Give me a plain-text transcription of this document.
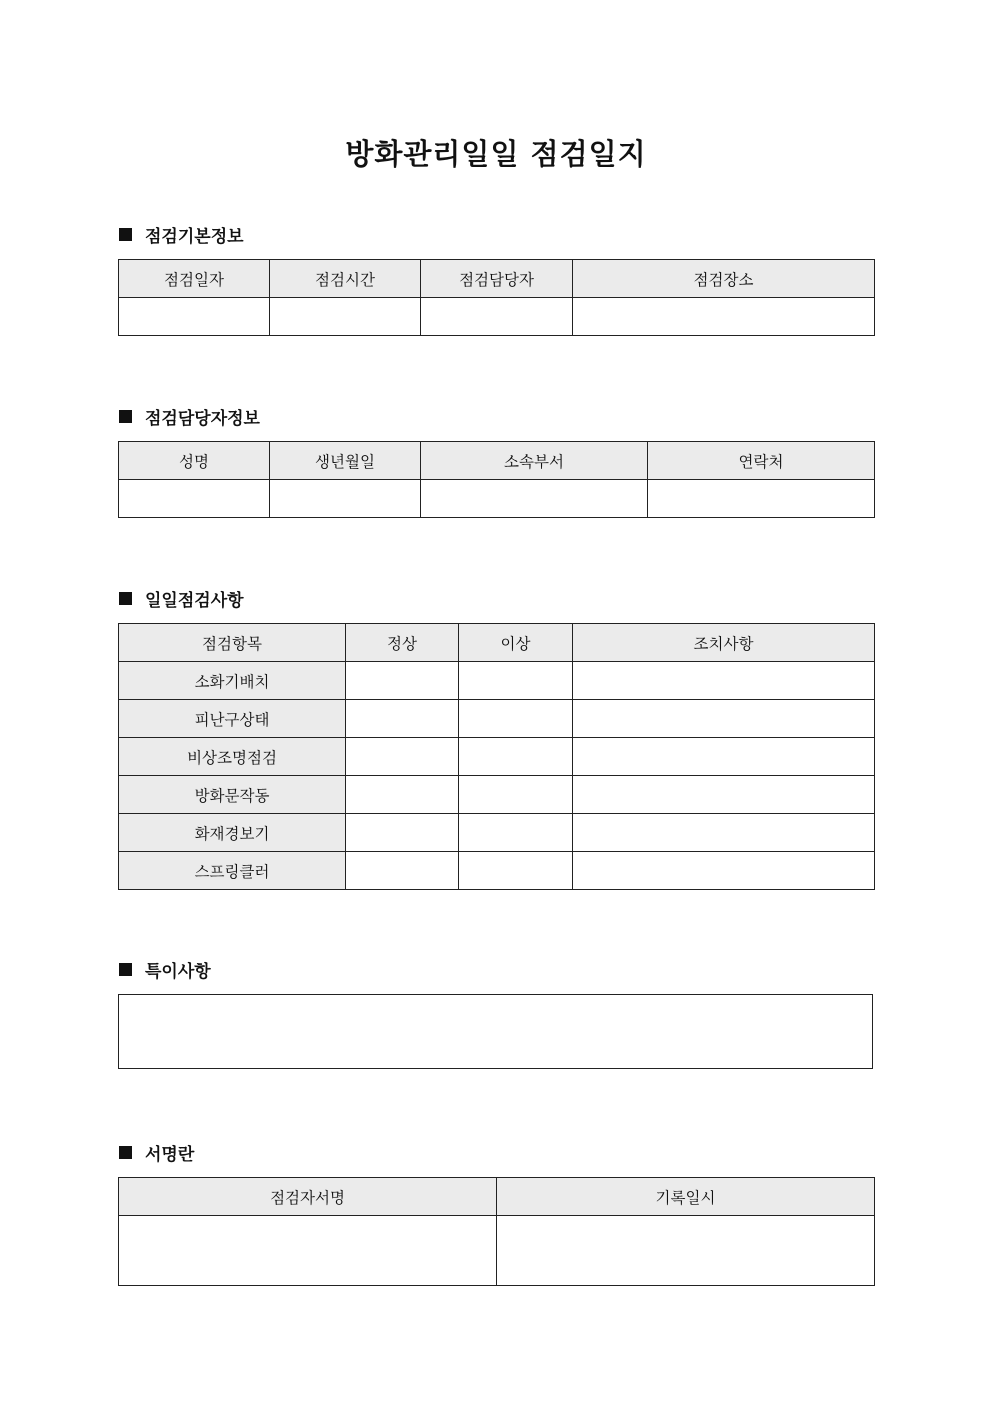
방화관리일일 점검일지
점검기본정보
점검일자	점검시간	점검담당자	점검장소

점검담당자정보
성명	생년월일	소속부서	연락처

일일점검사항
점검항목	정상	이상	조치사항
소화기배치			
피난구상태			
비상조명점검			
방화문작동			
화재경보기			
스프링클러			
특이사항
서명란
점검자서명	기록일시
